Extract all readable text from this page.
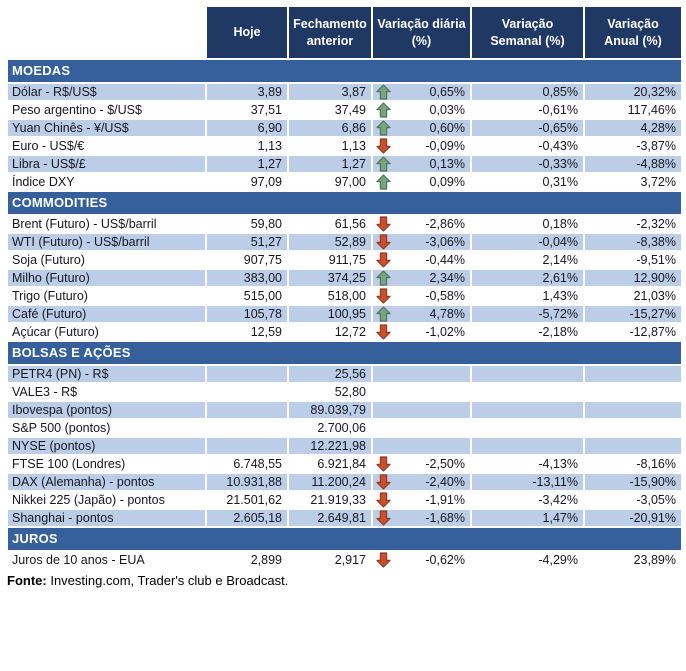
	Hoje	Fechamento anterior	Variação diária (%)	Variação Semanal (%)	Variação Anual (%)
MOEDAS					
Dólar - R$/US$	3,89	3,87	0,65%	0,85%	20,32%
Peso argentino - $/US$	37,51	37,49	0,03%	-0,61%	117,46%
Yuan Chinês - ¥/US$	6,90	6,86	0,60%	-0,65%	4,28%
Euro - US$/€	1,13	1,13	-0,09%	-0,43%	-3,87%
Libra - US$/£	1,27	1,27	0,13%	-0,33%	-4,88%
Índice DXY	97,09	97,00	0,09%	0,31%	3,72%
COMMODITIES					
Brent (Futuro) - US$/barril	59,80	61,56	-2,86%	0,18%	-2,32%
WTI (Futuro) - US$/barril	51,27	52,89	-3,06%	-0,04%	-8,38%
Soja (Futuro)	907,75	911,75	-0,44%	2,14%	-9,51%
Milho (Futuro)	383,00	374,25	2,34%	2,61%	12,90%
Trigo (Futuro)	515,00	518,00	-0,58%	1,43%	21,03%
Café (Futuro)	105,78	100,95	4,78%	-5,72%	-15,27%
Açúcar (Futuro)	12,59	12,72	-1,02%	-2,18%	-12,87%
BOLSAS E AÇÕES					
PETR4 (PN) - R$		25,56			
VALE3 - R$		52,80			
Ibovespa (pontos)		89.039,79			
S&P 500 (pontos)		2.700,06			
NYSE (pontos)		12.221,98			
FTSE 100 (Londres)	6.748,55	6.921,84	-2,50%	-4,13%	-8,16%
DAX (Alemanha) - pontos	10.931,88	11.200,24	-2,40%	-13,11%	-15,90%
Nikkei 225 (Japão) - pontos	21.501,62	21.919,33	-1,91%	-3,42%	-3,05%
Shanghai - pontos	2.605,18	2.649,81	-1,68%	1,47%	-20,91%
JUROS					
Juros de 10 anos - EUA	2,899	2,917	-0,62%	-4,29%	23,89%
Fonte: Investing.com, Trader's club e Broadcast.
